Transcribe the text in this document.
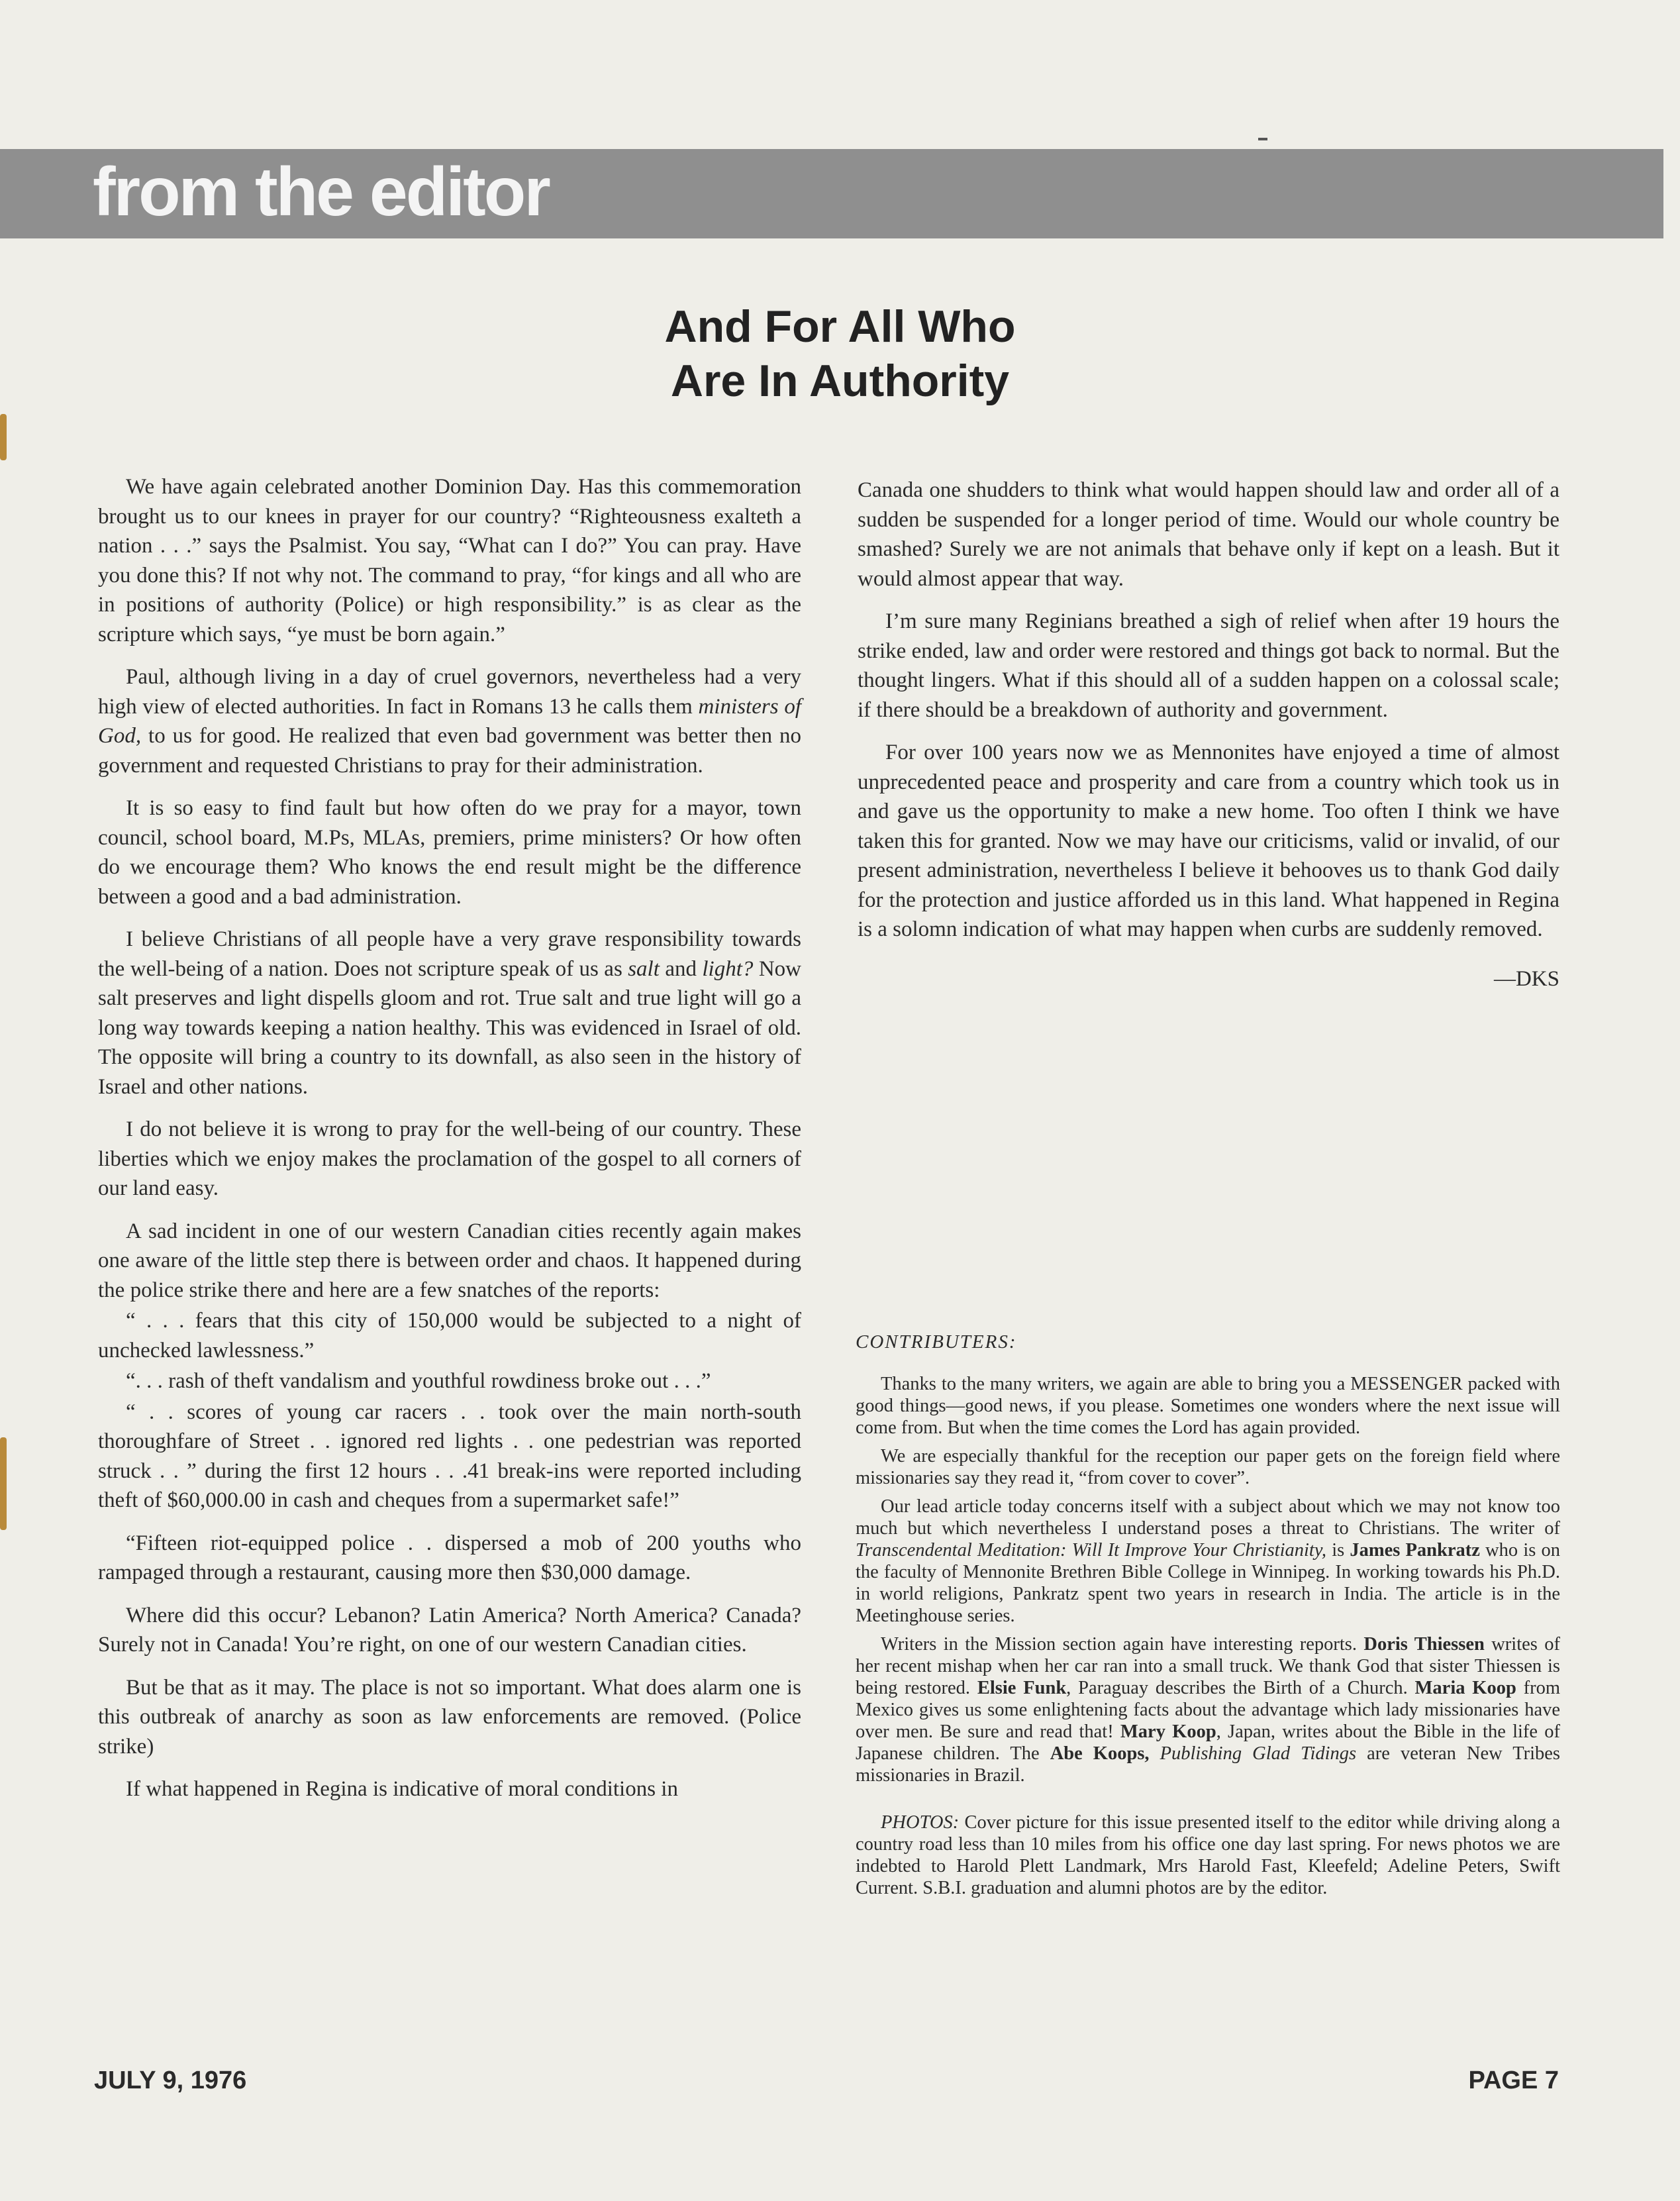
from the editor
And For All Who
Are In Authority

We have again celebrated another Dominion Day. Has this commemoration brought us to our knees in prayer for our country? “Righteousness exalteth a nation . . .” says the Psalmist. You say, “What can I do?” You can pray. Have you done this? If not why not. The command to pray, “for kings and all who are in positions of authority (Police) or high responsibility.” is as clear as the scripture which says, “ye must be born again.”

Paul, although living in a day of cruel governors, nevertheless had a very high view of elected authorities. In fact in Romans 13 he calls them ministers of God, to us for good. He realized that even bad government was better then no government and requested Christians to pray for their administration.

It is so easy to find fault but how often do we pray for a mayor, town council, school board, M.Ps, MLAs, premiers, prime ministers? Or how often do we encourage them? Who knows the end result might be the difference between a good and a bad administration.

I believe Christians of all people have a very grave responsibility towards the well-being of a nation. Does not scripture speak of us as salt and light? Now salt preserves and light dispells gloom and rot. True salt and true light will go a long way towards keeping a nation healthy. This was evidenced in Israel of old. The opposite will bring a country to its downfall, as also seen in the history of Israel and other nations.

I do not believe it is wrong to pray for the well-being of our country. These liberties which we enjoy makes the proclamation of the gospel to all corners of our land easy.

A sad incident in one of our western Canadian cities recently again makes one aware of the little step there is between order and chaos. It happened during the police strike there and here are a few snatches of the reports:

“ . . . fears that this city of 150,000 would be subjected to a night of unchecked lawlessness.”

“. . . rash of theft vandalism and youthful rowdiness broke out . . .”

“ . . scores of young car racers . . took over the main north-south thoroughfare of Street . . ignored red lights . . one pedestrian was reported struck . . ” during the first 12 hours . . .41 break-ins were reported including theft of $60,000.00 in cash and cheques from a supermarket safe!”

“Fifteen riot-equipped police . . dispersed a mob of 200 youths who rampaged through a restaurant, causing more then $30,000 damage.

Where did this occur? Lebanon? Latin America? North America? Canada? Surely not in Canada! You’re right, on one of our western Canadian cities.

But be that as it may. The place is not so important. What does alarm one is this outbreak of anarchy as soon as law enforcements are removed. (Police strike)

If what happened in Regina is indicative of moral conditions in

Canada one shudders to think what would happen should law and order all of a sudden be suspended for a longer period of time. Would our whole country be smashed? Surely we are not animals that behave only if kept on a leash. But it would almost appear that way.

I’m sure many Reginians breathed a sigh of relief when after 19 hours the strike ended, law and order were restored and things got back to normal. But the thought lingers. What if this should all of a sudden happen on a colossal scale; if there should be a breakdown of authority and government.

For over 100 years now we as Mennonites have enjoyed a time of almost unprecedented peace and prosperity and care from a country which took us in and gave us the opportunity to make a new home. Too often I think we have taken this for granted. Now we may have our criticisms, valid or invalid, of our present administration, nevertheless I believe it behooves us to thank God daily for the protection and justice afforded us in this land. What happened in Regina is a solomn indication of what may happen when curbs are suddenly removed.

—DKS

CONTRIBUTERS:

Thanks to the many writers, we again are able to bring you a MESSENGER packed with good things—good news, if you please. Sometimes one wonders where the next issue will come from. But when the time comes the Lord has again provided.

We are especially thankful for the reception our paper gets on the foreign field where missionaries say they read it, “from cover to cover”.

Our lead article today concerns itself with a subject about which we may not know too much but which nevertheless I understand poses a threat to Christians. The writer of Transcendental Meditation: Will It Improve Your Christianity, is James Pankratz who is on the faculty of Mennonite Brethren Bible College in Winnipeg. In working towards his Ph.D. in world religions, Pankratz spent two years in research in India. The article is in the Meetinghouse series.

Writers in the Mission section again have interesting reports. Doris Thiessen writes of her recent mishap when her car ran into a small truck. We thank God that sister Thiessen is being restored. Elsie Funk, Paraguay describes the Birth of a Church. Maria Koop from Mexico gives us some enlightening facts about the advantage which lady missionaries have over men. Be sure and read that! Mary Koop, Japan, writes about the Bible in the life of Japanese children. The Abe Koops, Publishing Glad Tidings are veteran New Tribes missionaries in Brazil.

PHOTOS: Cover picture for this issue presented itself to the editor while driving along a country road less than 10 miles from his office one day last spring. For news photos we are indebted to Harold Plett Landmark, Mrs Harold Fast, Kleefeld; Adeline Peters, Swift Current. S.B.I. graduation and alumni photos are by the editor.

JULY 9, 1976	PAGE 7
